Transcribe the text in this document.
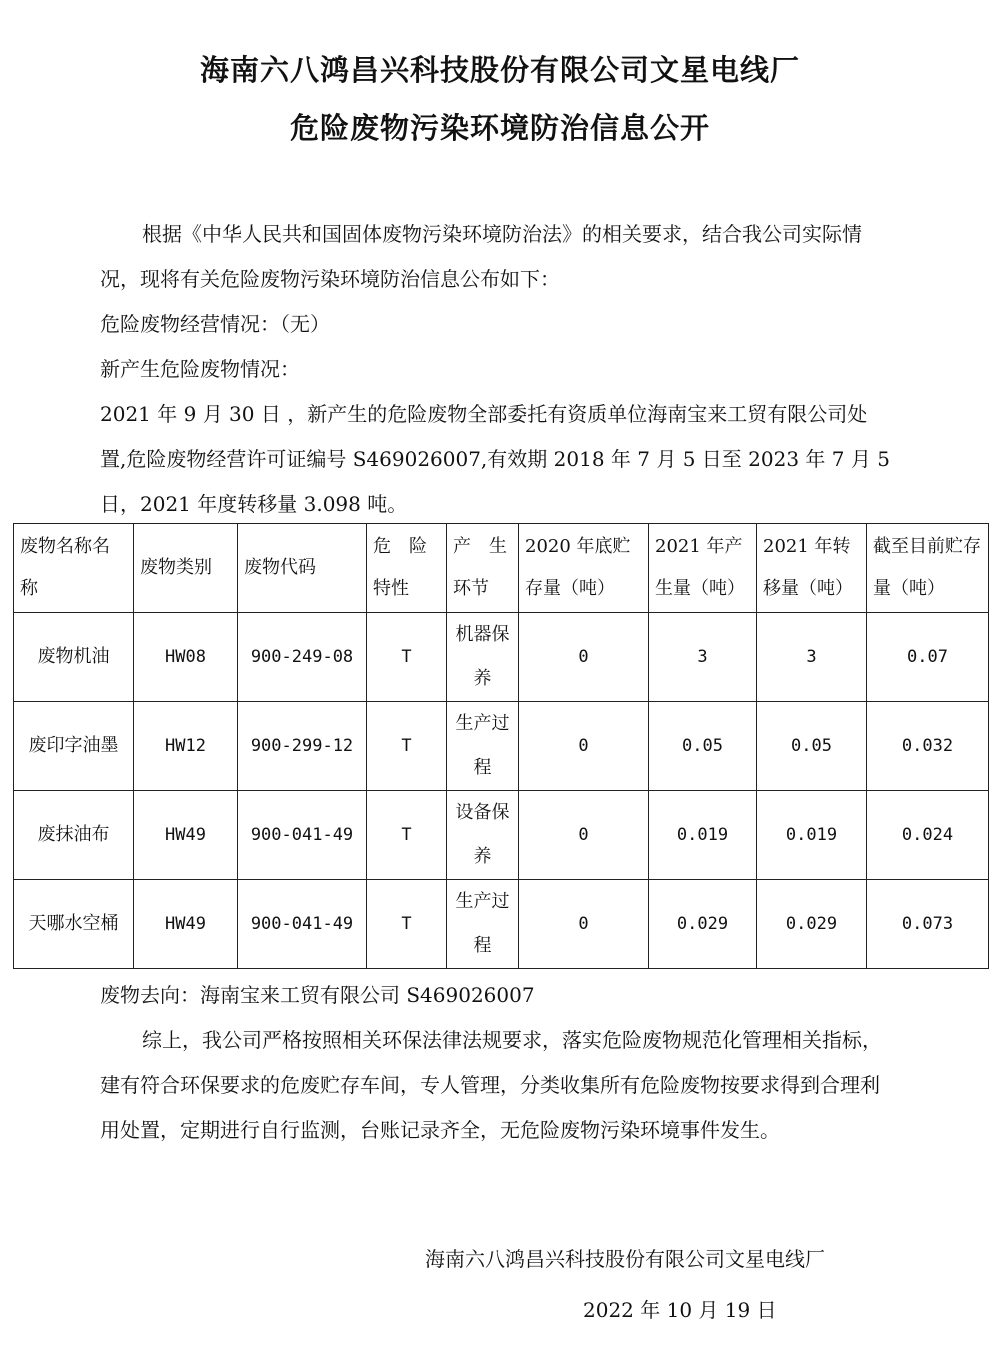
海南六八鸿昌兴科技股份有限公司文星电线厂
危险废物污染环境防治信息公开

根据《中华人民共和国固体废物污染环境防治法》的相关要求，结合我公司实际情况，现将有关危险废物污染环境防治信息公布如下：

危险废物经营情况：（无）

新产生危险废物情况：

2021 年 9 月 30 日 ，新产生的危险废物全部委托有资质单位海南宝来工贸有限公司处置,危险废物经营许可证编号 S469026007,有效期 2018 年 7 月 5 日至 2023 年 7 月 5 日，2021 年度转移量 3.098 吨。

废物名称名称	废物类别	废物代码	危　险特性	产　生环节	2020 年底贮存量（吨）	2021 年产生量（吨）	2021 年转移量（吨）	截至目前贮存量（吨）
废物机油	HW08	900-249-08	T	机器保养	0	3	3	0.07
废印字油墨	HW12	900-299-12	T	生产过程	0	0.05	0.05	0.032
废抹油布	HW49	900-041-49	T	设备保养	0	0.019	0.019	0.024
天哪水空桶	HW49	900-041-49	T	生产过程	0	0.029	0.029	0.073

废物去向：海南宝来工贸有限公司 S469026007

综上，我公司严格按照相关环保法律法规要求，落实危险废物规范化管理相关指标，建有符合环保要求的危废贮存车间，专人管理，分类收集所有危险废物按要求得到合理利用处置，定期进行自行监测，台账记录齐全，无危险废物污染环境事件发生。

海南六八鸿昌兴科技股份有限公司文星电线厂
2022 年 10 月 19 日
